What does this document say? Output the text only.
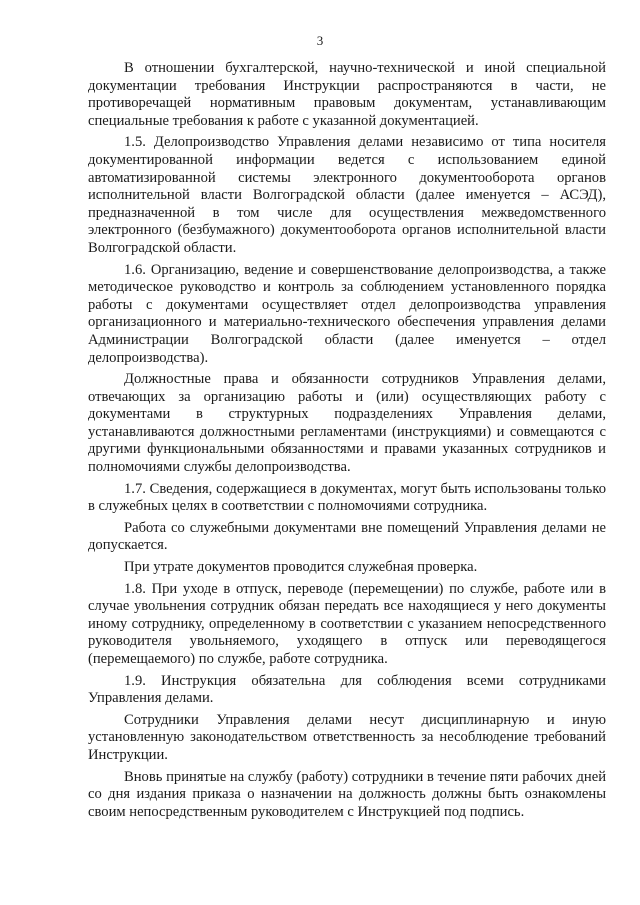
3

В отношении бухгалтерской, научно-технической и иной специальной документации требования Инструкции распространяются в части, не противоречащей нормативным правовым документам, устанавливающим специальные требования к работе с указанной документацией.

1.5. Делопроизводство Управления делами независимо от типа носителя документированной информации ведется с использованием единой автоматизированной системы электронного документооборота органов исполнительной власти Волгоградской области (далее именуется – АСЭД), предназначенной в том числе для осуществления межведомственного электронного (безбумажного) документооборота органов исполнительной власти Волгоградской области.

1.6. Организацию, ведение и совершенствование делопроизводства, а также методическое руководство и контроль за соблюдением установленного порядка работы с документами осуществляет отдел делопроизводства управления организационного и материально-технического обеспечения управления делами Администрации Волгоградской области (далее именуется – отдел делопроизводства).

Должностные права и обязанности сотрудников Управления делами, отвечающих за организацию работы и (или) осуществляющих работу с документами в структурных подразделениях Управления делами, устанавливаются должностными регламентами (инструкциями) и совмещаются с другими функциональными обязанностями и правами указанных сотрудников и полномочиями службы делопроизводства.

1.7. Сведения, содержащиеся в документах, могут быть использованы только в служебных целях в соответствии с полномочиями сотрудника.

Работа со служебными документами вне помещений Управления делами не допускается.

При утрате документов проводится служебная проверка.

1.8. При уходе в отпуск, переводе (перемещении) по службе, работе или в случае увольнения сотрудник обязан передать все находящиеся у него документы иному сотруднику, определенному в соответствии с указанием непосредственного руководителя увольняемого, уходящего в отпуск или переводящегося (перемещаемого) по службе, работе сотрудника.

1.9. Инструкция обязательна для соблюдения всеми сотрудниками Управления делами.

Сотрудники Управления делами несут дисциплинарную и иную установленную законодательством ответственность за несоблюдение требований Инструкции.

Вновь принятые на службу (работу) сотрудники в течение пяти рабочих дней со дня издания приказа о назначении на должность должны быть ознакомлены своим непосредственным руководителем с Инструкцией под подпись.
